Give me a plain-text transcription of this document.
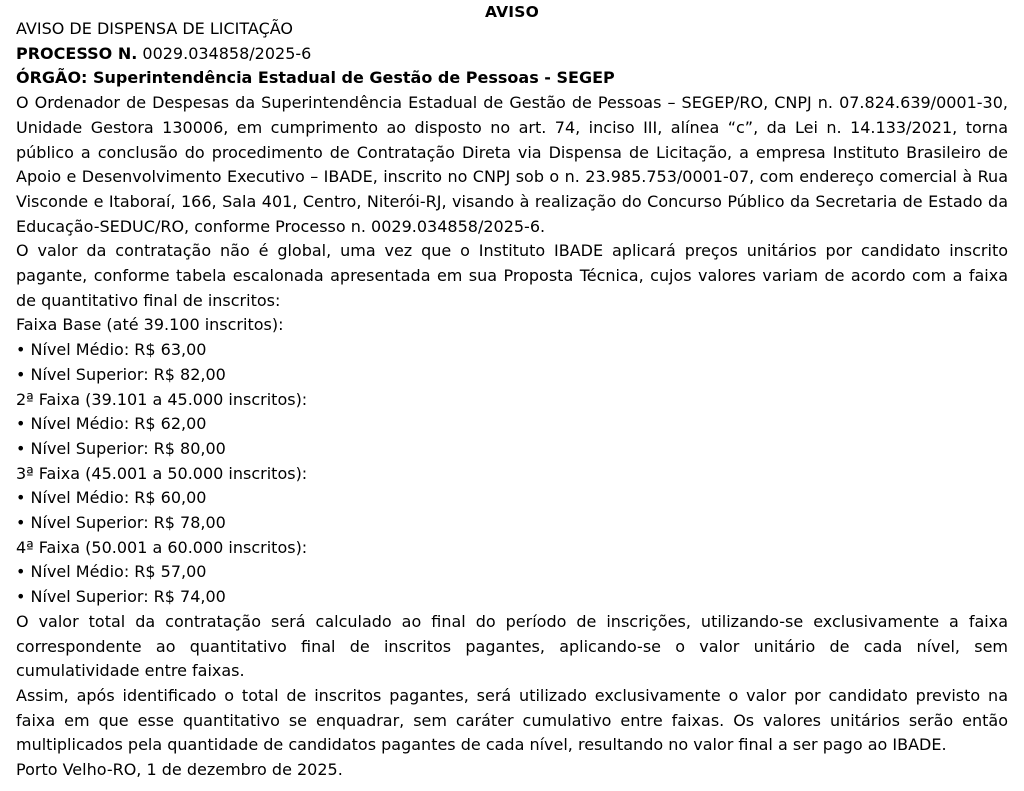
AVISO
AVISO DE DISPENSA DE LICITAÇÃO
PROCESSO N. 0029.034858/2025-6
ÓRGÃO: Superintendência Estadual de Gestão de Pessoas - SEGEP

O Ordenador de Despesas da Superintendência Estadual de Gestão de Pessoas – SEGEP/RO, CNPJ n. 07.824.639/0001-30, Unidade Gestora 130006, em cumprimento ao disposto no art. 74, inciso III, alínea “c”, da Lei n. 14.133/2021, torna público a conclusão do procedimento de Contratação Direta via Dispensa de Licitação, a empresa Instituto Brasileiro de Apoio e Desenvolvimento Executivo – IBADE, inscrito no CNPJ sob o n. 23.985.753/0001-07, com endereço comercial à Rua Visconde e Itaboraí, 166, Sala 401, Centro, Niterói-RJ, visando à realização do Concurso Público da Secretaria de Estado da Educação-SEDUC/RO, conforme Processo n. 0029.034858/2025-6.

O valor da contratação não é global, uma vez que o Instituto IBADE aplicará preços unitários por candidato inscrito pagante, conforme tabela escalonada apresentada em sua Proposta Técnica, cujos valores variam de acordo com a faixa de quantitativo final de inscritos:

Faixa Base (até 39.100 inscritos):
• Nível Médio: R$ 63,00
• Nível Superior: R$ 82,00
2ª Faixa (39.101 a 45.000 inscritos):
• Nível Médio: R$ 62,00
• Nível Superior: R$ 80,00
3ª Faixa (45.001 a 50.000 inscritos):
• Nível Médio: R$ 60,00
• Nível Superior: R$ 78,00
4ª Faixa (50.001 a 60.000 inscritos):
• Nível Médio: R$ 57,00
• Nível Superior: R$ 74,00

O valor total da contratação será calculado ao final do período de inscrições, utilizando-se exclusivamente a faixa correspondente ao quantitativo final de inscritos pagantes, aplicando-se o valor unitário de cada nível, sem cumulatividade entre faixas.

Assim, após identificado o total de inscritos pagantes, será utilizado exclusivamente o valor por candidato previsto na faixa em que esse quantitativo se enquadrar, sem caráter cumulativo entre faixas. Os valores unitários serão então multiplicados pela quantidade de candidatos pagantes de cada nível, resultando no valor final a ser pago ao IBADE.

Porto Velho-RO, 1 de dezembro de 2025.
